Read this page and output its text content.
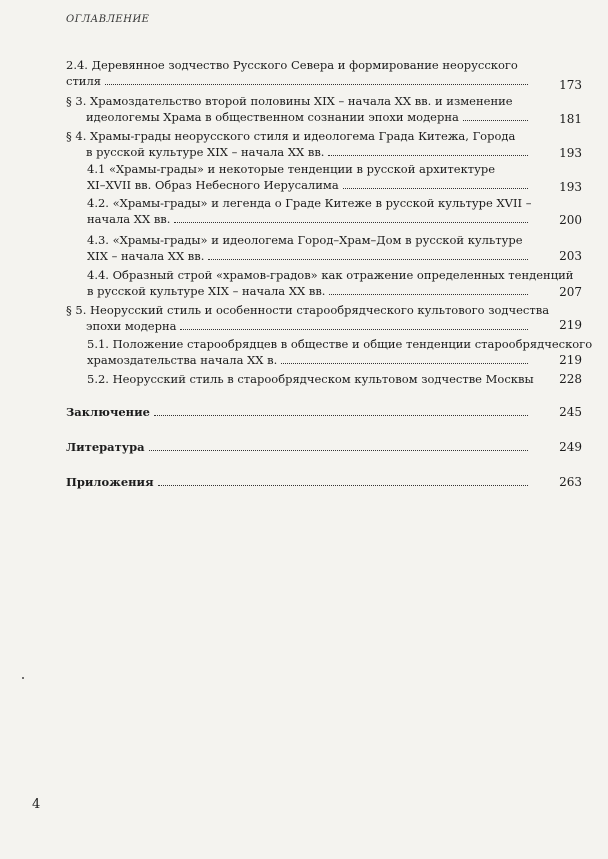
ОГЛАВЛЕНИЕ
2.4. Деревянное зодчество Русского Севера и формирование неорусского
стиля	173
§ 3. Храмоздательство второй половины XIX – начала XX вв. и изменение
идеологемы Храма в общественном сознании эпохи модерна	181
§ 4. Храмы-грады неорусского стиля и идеологема Града Китежа, Города
в русской культуре XIX – начала XX вв.	193
4.1 «Храмы-грады» и некоторые тенденции в русской архитектуре
XI–XVII вв. Образ Небесного Иерусалима	193
4.2. «Храмы-грады» и легенда о Граде Китеже в русской культуре XVII –
начала XX вв.	200
4.3. «Храмы-грады» и идеологема Город–Храм–Дом в русской культуре
XIX – начала XX вв.	203
4.4. Образный строй «храмов-градов» как отражение определенных тенденций
в русской культуре XIX – начала XX вв.	207
§ 5. Неорусский стиль и особенности старообрядческого культового зодчества
эпохи модерна	219
5.1. Положение старообрядцев в обществе и общие тенденции старообрядческого
храмоздательства начала XX в.	219
5.2. Неорусский стиль в старообрядческом культовом зодчестве Москвы 228
Заключение	245
Литература	249
Приложения	263
4
